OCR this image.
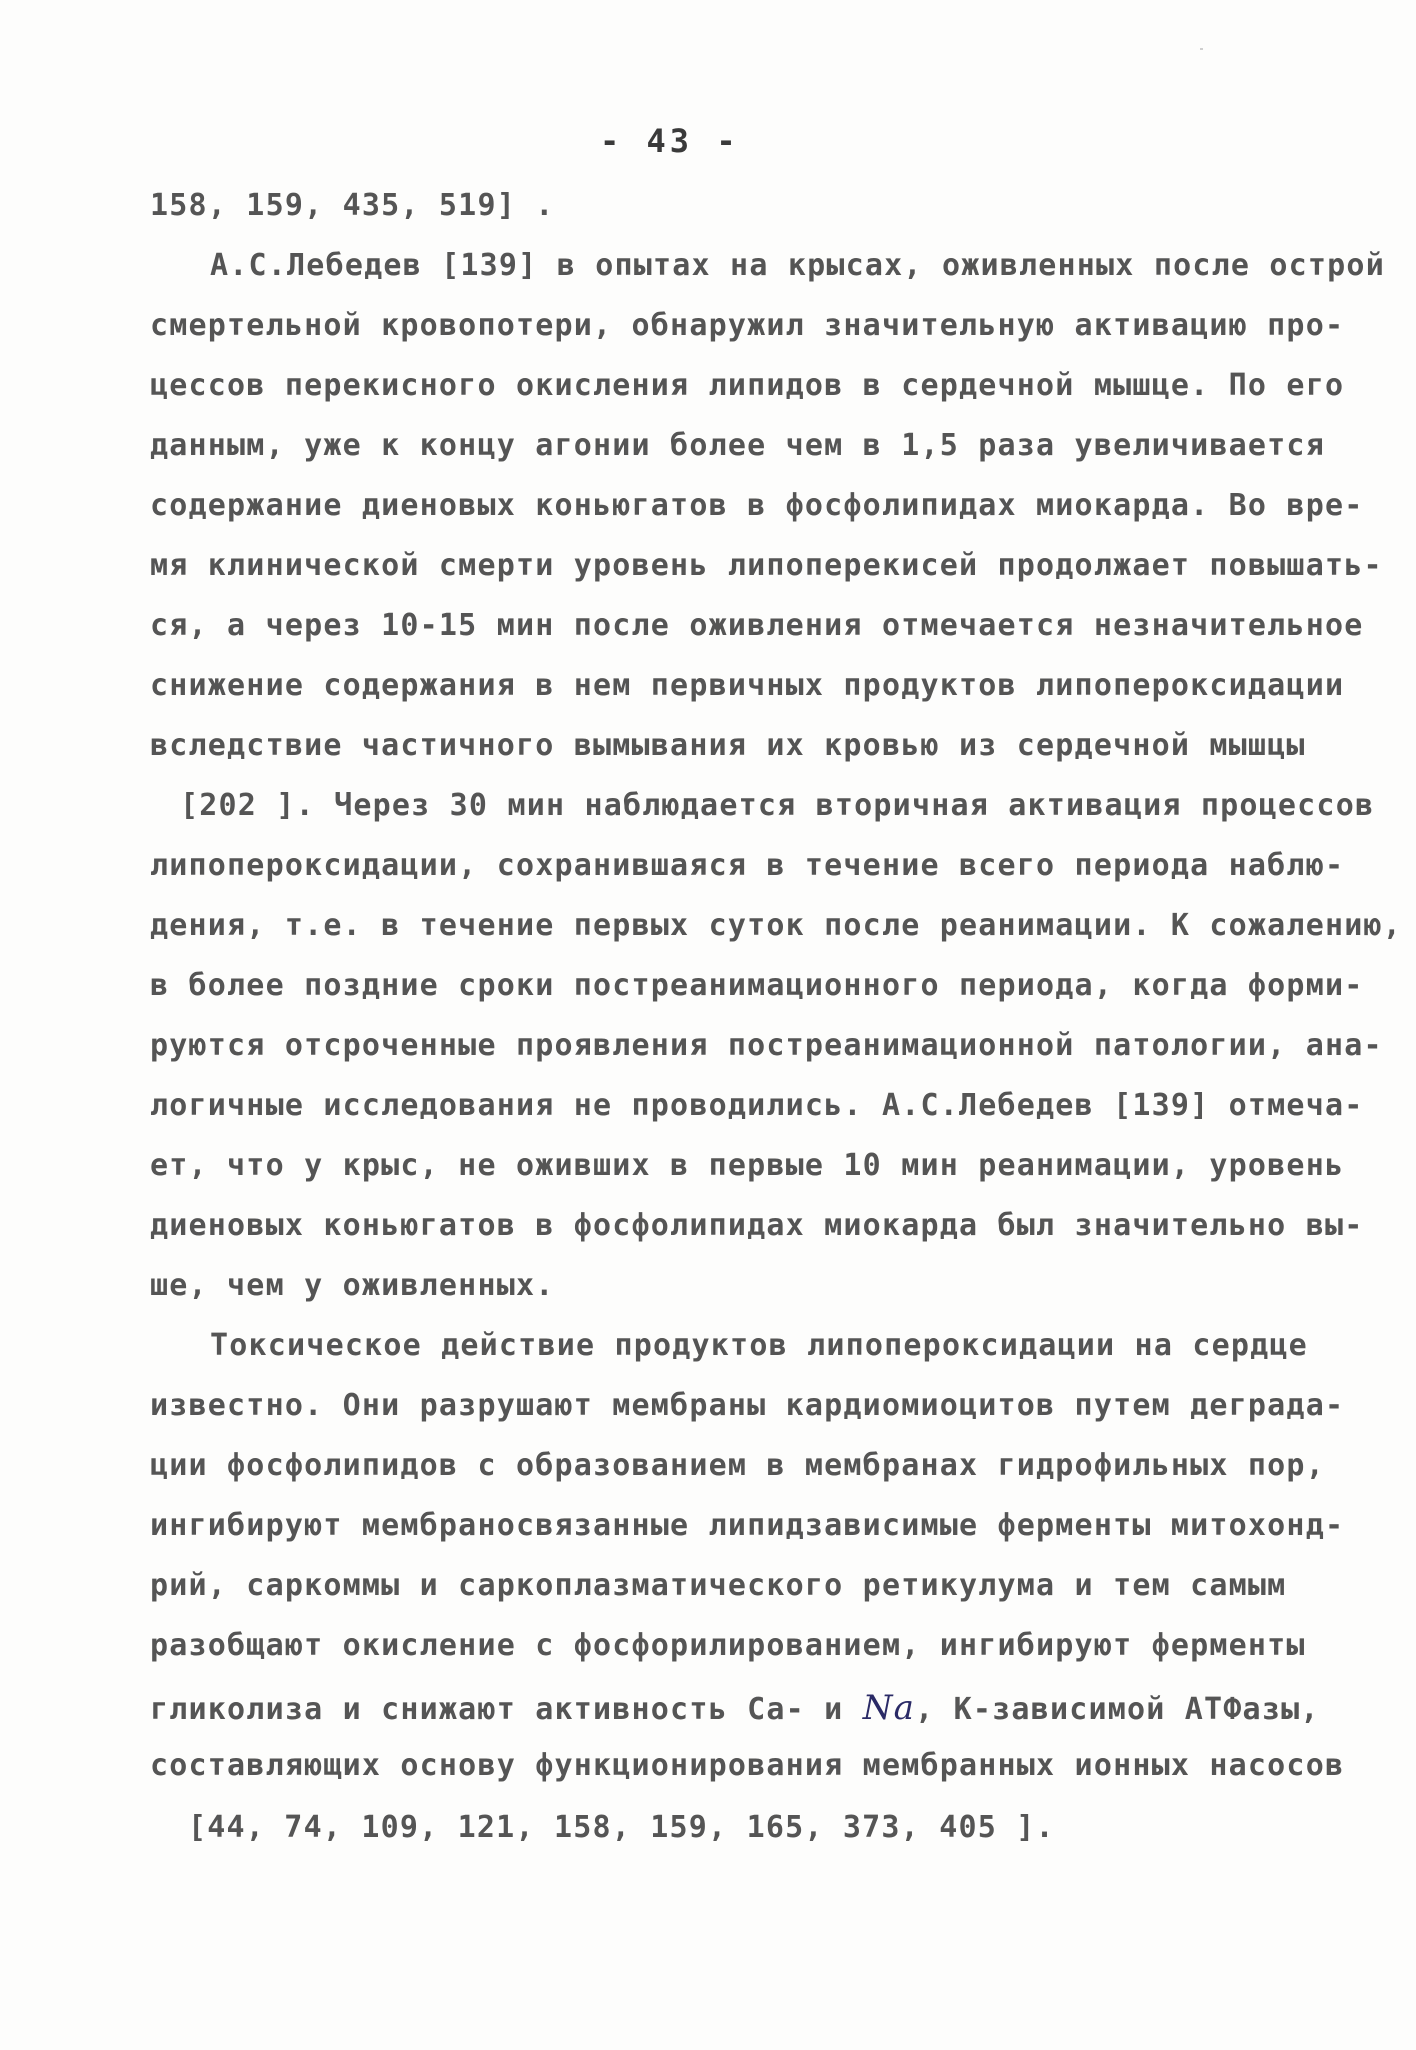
- 43 -
158, 159, 435, 519] .
А.С.Лебедев [139] в опытах на крысах, оживленных после острой
смертельной кровопотери, обнаружил значительную активацию про-
цессов перекисного окисления липидов в сердечной мышце. По его
данным, уже к концу агонии более чем в 1,5 раза увеличивается
содержание диеновых коньюгатов в фосфолипидах миокарда. Во вре-
мя клинической смерти уровень липоперекисей продолжает повышать-
ся, а через 10-15 мин после оживления отмечается незначительное
снижение содержания в нем первичных продуктов липопероксидации
вследствие частичного вымывания их кровью из сердечной мышцы
[202 ]. Через 30 мин наблюдается вторичная активация процессов
липопероксидации, сохранившаяся в течение всего периода наблю-
дения, т.е. в течение первых суток после реанимации. К сожалению,
в более поздние сроки постреанимационного периода, когда форми-
руются отсроченные проявления постреанимационной патологии, ана-
логичные исследования не проводились. А.С.Лебедев [139] отмеча-
ет, что у крыс, не оживших в первые 10 мин реанимации, уровень
диеновых коньюгатов в фосфолипидах миокарда был значительно вы-
ше, чем у оживленных.
Токсическое действие продуктов липопероксидации на сердце
известно. Они разрушают мембраны кардиомиоцитов путем деграда-
ции фосфолипидов с образованием в мембранах гидрофильных пор,
ингибируют мембраносвязанные липидзависимые ферменты митохонд-
рий, саркоммы и саркоплазматического ретикулума и тем самым
разобщают окисление с фосфорилированием, ингибируют ферменты
гликолиза и снижают активность Са- и Na, К-зависимой АТФазы,
составляющих основу функционирования мембранных ионных насосов
[44, 74, 109, 121, 158, 159, 165, 373, 405 ].
